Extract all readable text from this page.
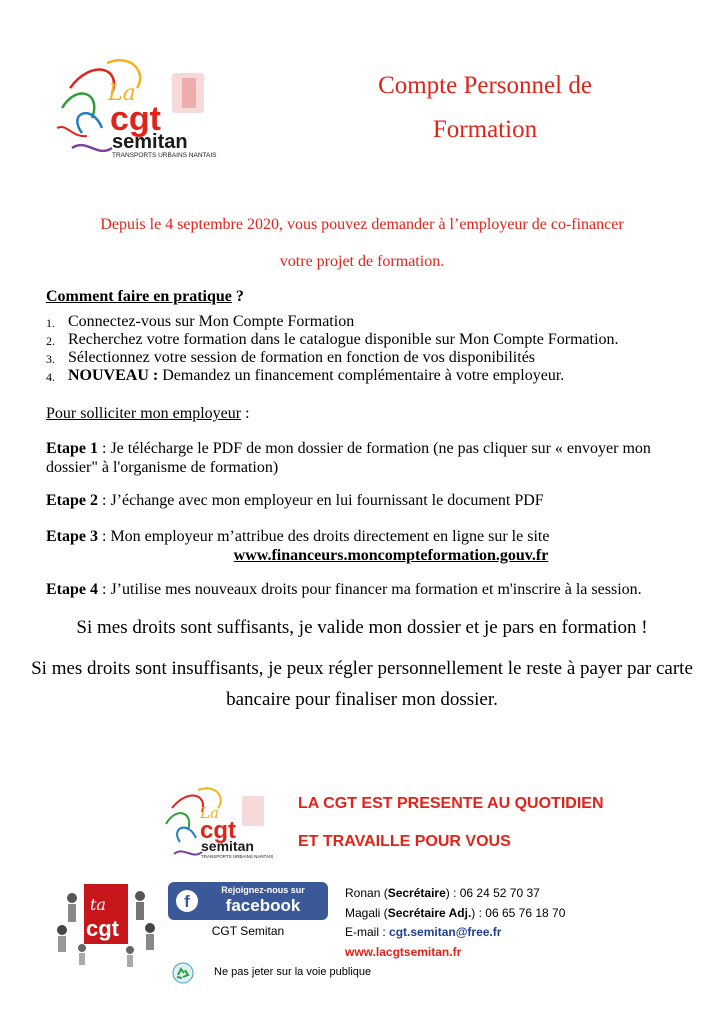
La
cgt
semitan
TRANSPORTS URBAINS NANTAIS
Compte Personnel de
Formation
Depuis le 4 septembre 2020, vous pouvez demander à l’employeur de co-financer
votre projet de formation.
Comment faire en pratique ?
1. Connectez-vous sur Mon Compte Formation
2. Recherchez votre formation dans le catalogue disponible sur Mon Compte Formation.
3. Sélectionnez votre session de formation en fonction de vos disponibilités
4. NOUVEAU : Demandez un financement complémentaire à votre employeur.
Pour solliciter mon employeur :
Etape 1 : Je télécharge le PDF de mon dossier de formation (ne pas cliquer sur « envoyer mon dossier" à l'organisme de formation)
Etape 2 : J’échange avec mon employeur en lui fournissant le document PDF
Etape 3 : Mon employeur m’attribue des droits directement en ligne sur le site
www.financeurs.moncompteformation.gouv.fr
Etape 4 : J’utilise mes nouveaux droits pour financer ma formation et m'inscrire à la session.
Si mes droits sont suffisants, je valide mon dossier et je pars en formation !
Si mes droits sont insuffisants, je peux régler personnellement le reste à payer par carte bancaire pour finaliser mon dossier.
La
cgt
semitan
TRANSPORTS URBAINS NANTAIS
LA CGT EST PRESENTE AU QUOTIDIEN
ET TRAVAILLE POUR VOUS
ta
cgt
f
Rejoignez-nous sur
facebook
CGT Semitan
Ronan (Secrétaire) : 06 24 52 70 37
Magali (Secrétaire Adj.) : 06 65 76 18 70
E-mail : cgt.semitan@free.fr
www.lacgtsemitan.fr
Ne pas jeter sur la voie publique
